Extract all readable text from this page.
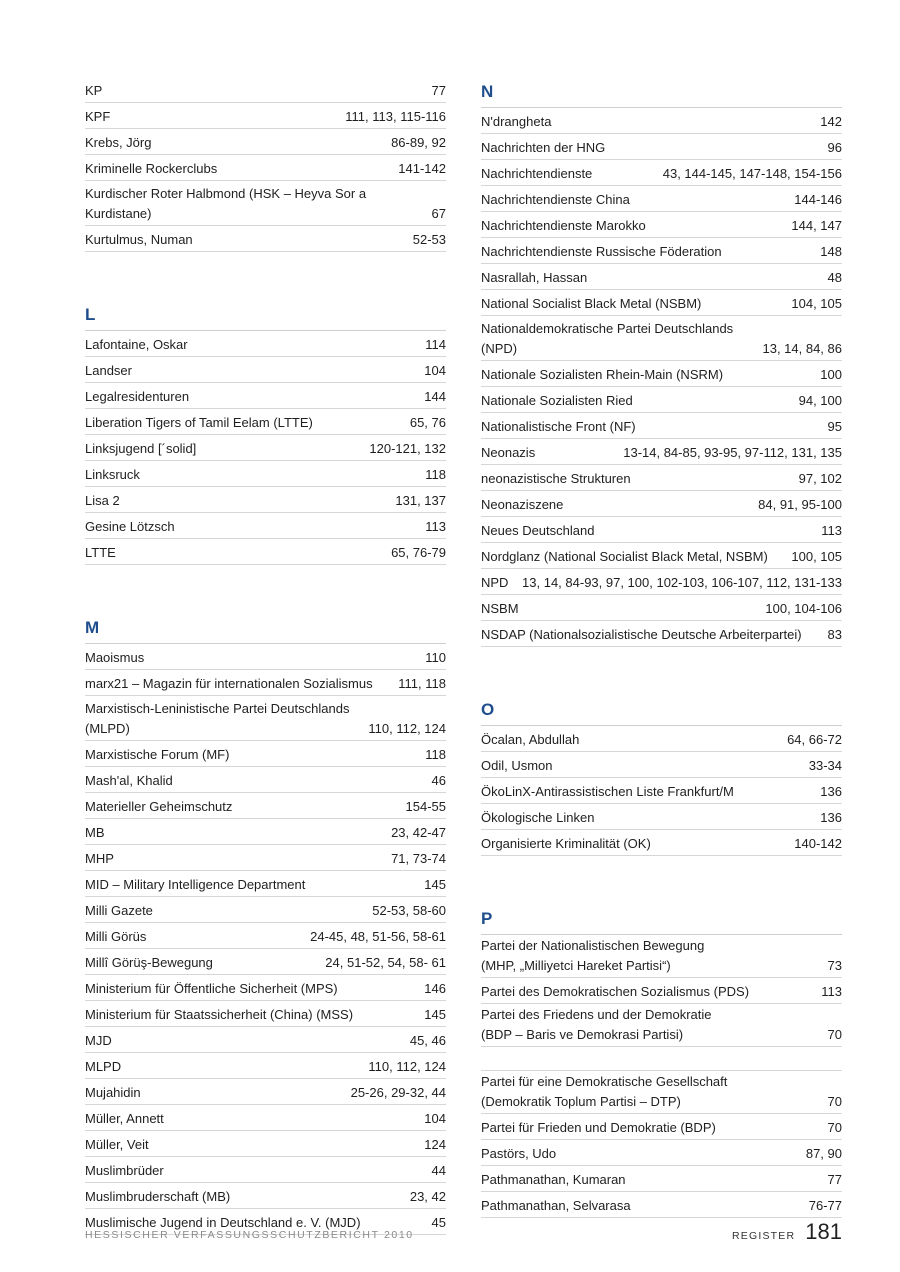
KP	77
KPF	111, 113, 115-116
Krebs, Jörg	86-89, 92
Kriminelle Rockerclubs	141-142
Kurdischer Roter Halbmond (HSK – Heyva Sor a Kurdistane)	67
Kurtulmus, Numan	52-53
L
Lafontaine, Oskar	114
Landser	104
Legalresidenturen	144
Liberation Tigers of Tamil Eelam (LTTE)	65, 76
Linksjugend [´solid]	120-121, 132
Linksruck	118
Lisa 2	131, 137
Gesine Lötzsch	113
LTTE	65, 76-79
M
Maoismus	110
marx21 – Magazin für internationalen Sozialismus	111, 118
Marxistisch-Leninistische Partei Deutschlands (MLPD)	110, 112, 124
Marxistische Forum (MF)	118
Mash'al, Khalid	46
Materieller Geheimschutz	154-55
MB	23, 42-47
MHP	71, 73-74
MID – Military Intelligence Department	145
Milli Gazete	52-53, 58-60
Milli Görüs	24-45, 48, 51-56, 58-61
Millî Görüş-Bewegung	24, 51-52, 54, 58- 61
Ministerium für Öffentliche Sicherheit (MPS)	146
Ministerium für Staatssicherheit (China) (MSS)	145
MJD	45, 46
MLPD	110, 112, 124
Mujahidin	25-26, 29-32, 44
Müller, Annett	104
Müller, Veit	124
Muslimbrüder	44
Muslimbruderschaft (MB)	23, 42
Muslimische Jugend in Deutschland e. V. (MJD)	45
N
N'drangheta	142
Nachrichten der HNG	96
Nachrichtendienste	43, 144-145, 147-148, 154-156
Nachrichtendienste China	144-146
Nachrichtendienste Marokko	144, 147
Nachrichtendienste Russische Föderation	148
Nasrallah, Hassan	48
National Socialist Black Metal (NSBM)	104, 105
Nationaldemokratische Partei Deutschlands (NPD)	13, 14, 84, 86
Nationale Sozialisten Rhein-Main (NSRM)	100
Nationale Sozialisten Ried	94, 100
Nationalistische Front (NF)	95
Neonazis	13-14, 84-85, 93-95, 97-112, 131, 135
neonazistische Strukturen	97, 102
Neonaziszene	84, 91, 95-100
Neues Deutschland	113
Nordglanz (National Socialist Black Metal, NSBM)	100, 105
NPD	13, 14, 84-93, 97, 100, 102-103, 106-107, 112, 131-133
NSBM	100, 104-106
NSDAP (Nationalsozialistische Deutsche Arbeiterpartei)	83
O
Öcalan, Abdullah	64, 66-72
Odil, Usmon	33-34
ÖkoLinX-Antirassistischen Liste Frankfurt/M	136
Ökologische Linken	136
Organisierte Kriminalität (OK)	140-142
P
Partei der Nationalistischen Bewegung
(MHP, „Milliyetci Hareket Partisi“)	73
Partei des Demokratischen Sozialismus (PDS)	113
Partei des Friedens und der Demokratie
(BDP – Baris ve Demokrasi Partisi)	70
Partei für eine Demokratische Gesellschaft
(Demokratik Toplum Partisi – DTP)	70
Partei für Frieden und Demokratie (BDP)	70
Pastörs, Udo	87, 90
Pathmanathan, Kumaran	77
Pathmanathan, Selvarasa	76-77
HESSISCHER VERFASSUNGSSCHUTZBERICHT 2010	REGISTER 181
